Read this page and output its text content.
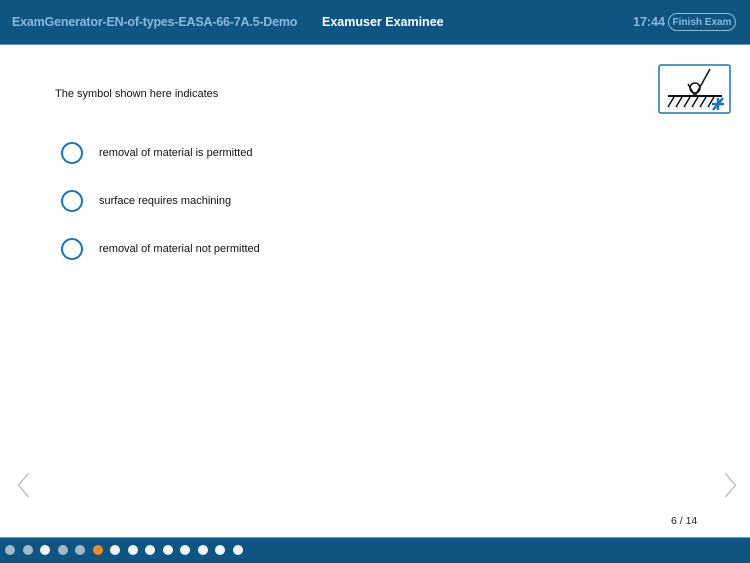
ExamGenerator-EN-of-types-EASA-66-7A.5-Demo Examuser Examinee	17:44 Finish Exam
The symbol shown here indicates
removal of material is permitted
surface requires machining
removal of material not permitted
〈	〉
6 / 14
